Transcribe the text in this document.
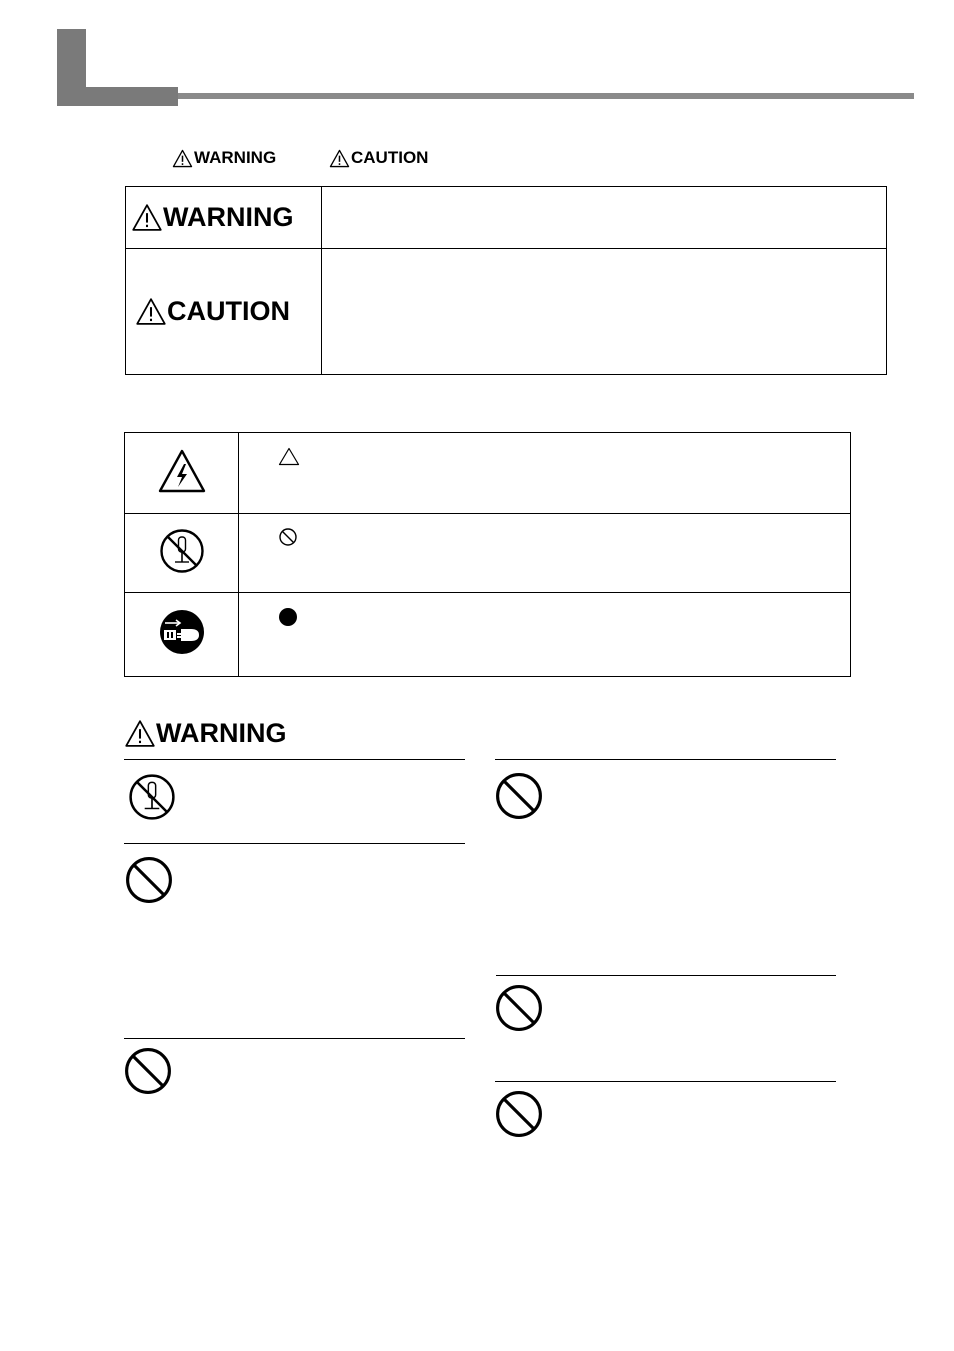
WARNING	CAUTION
WARNING	

CAUTION	

WARNING
